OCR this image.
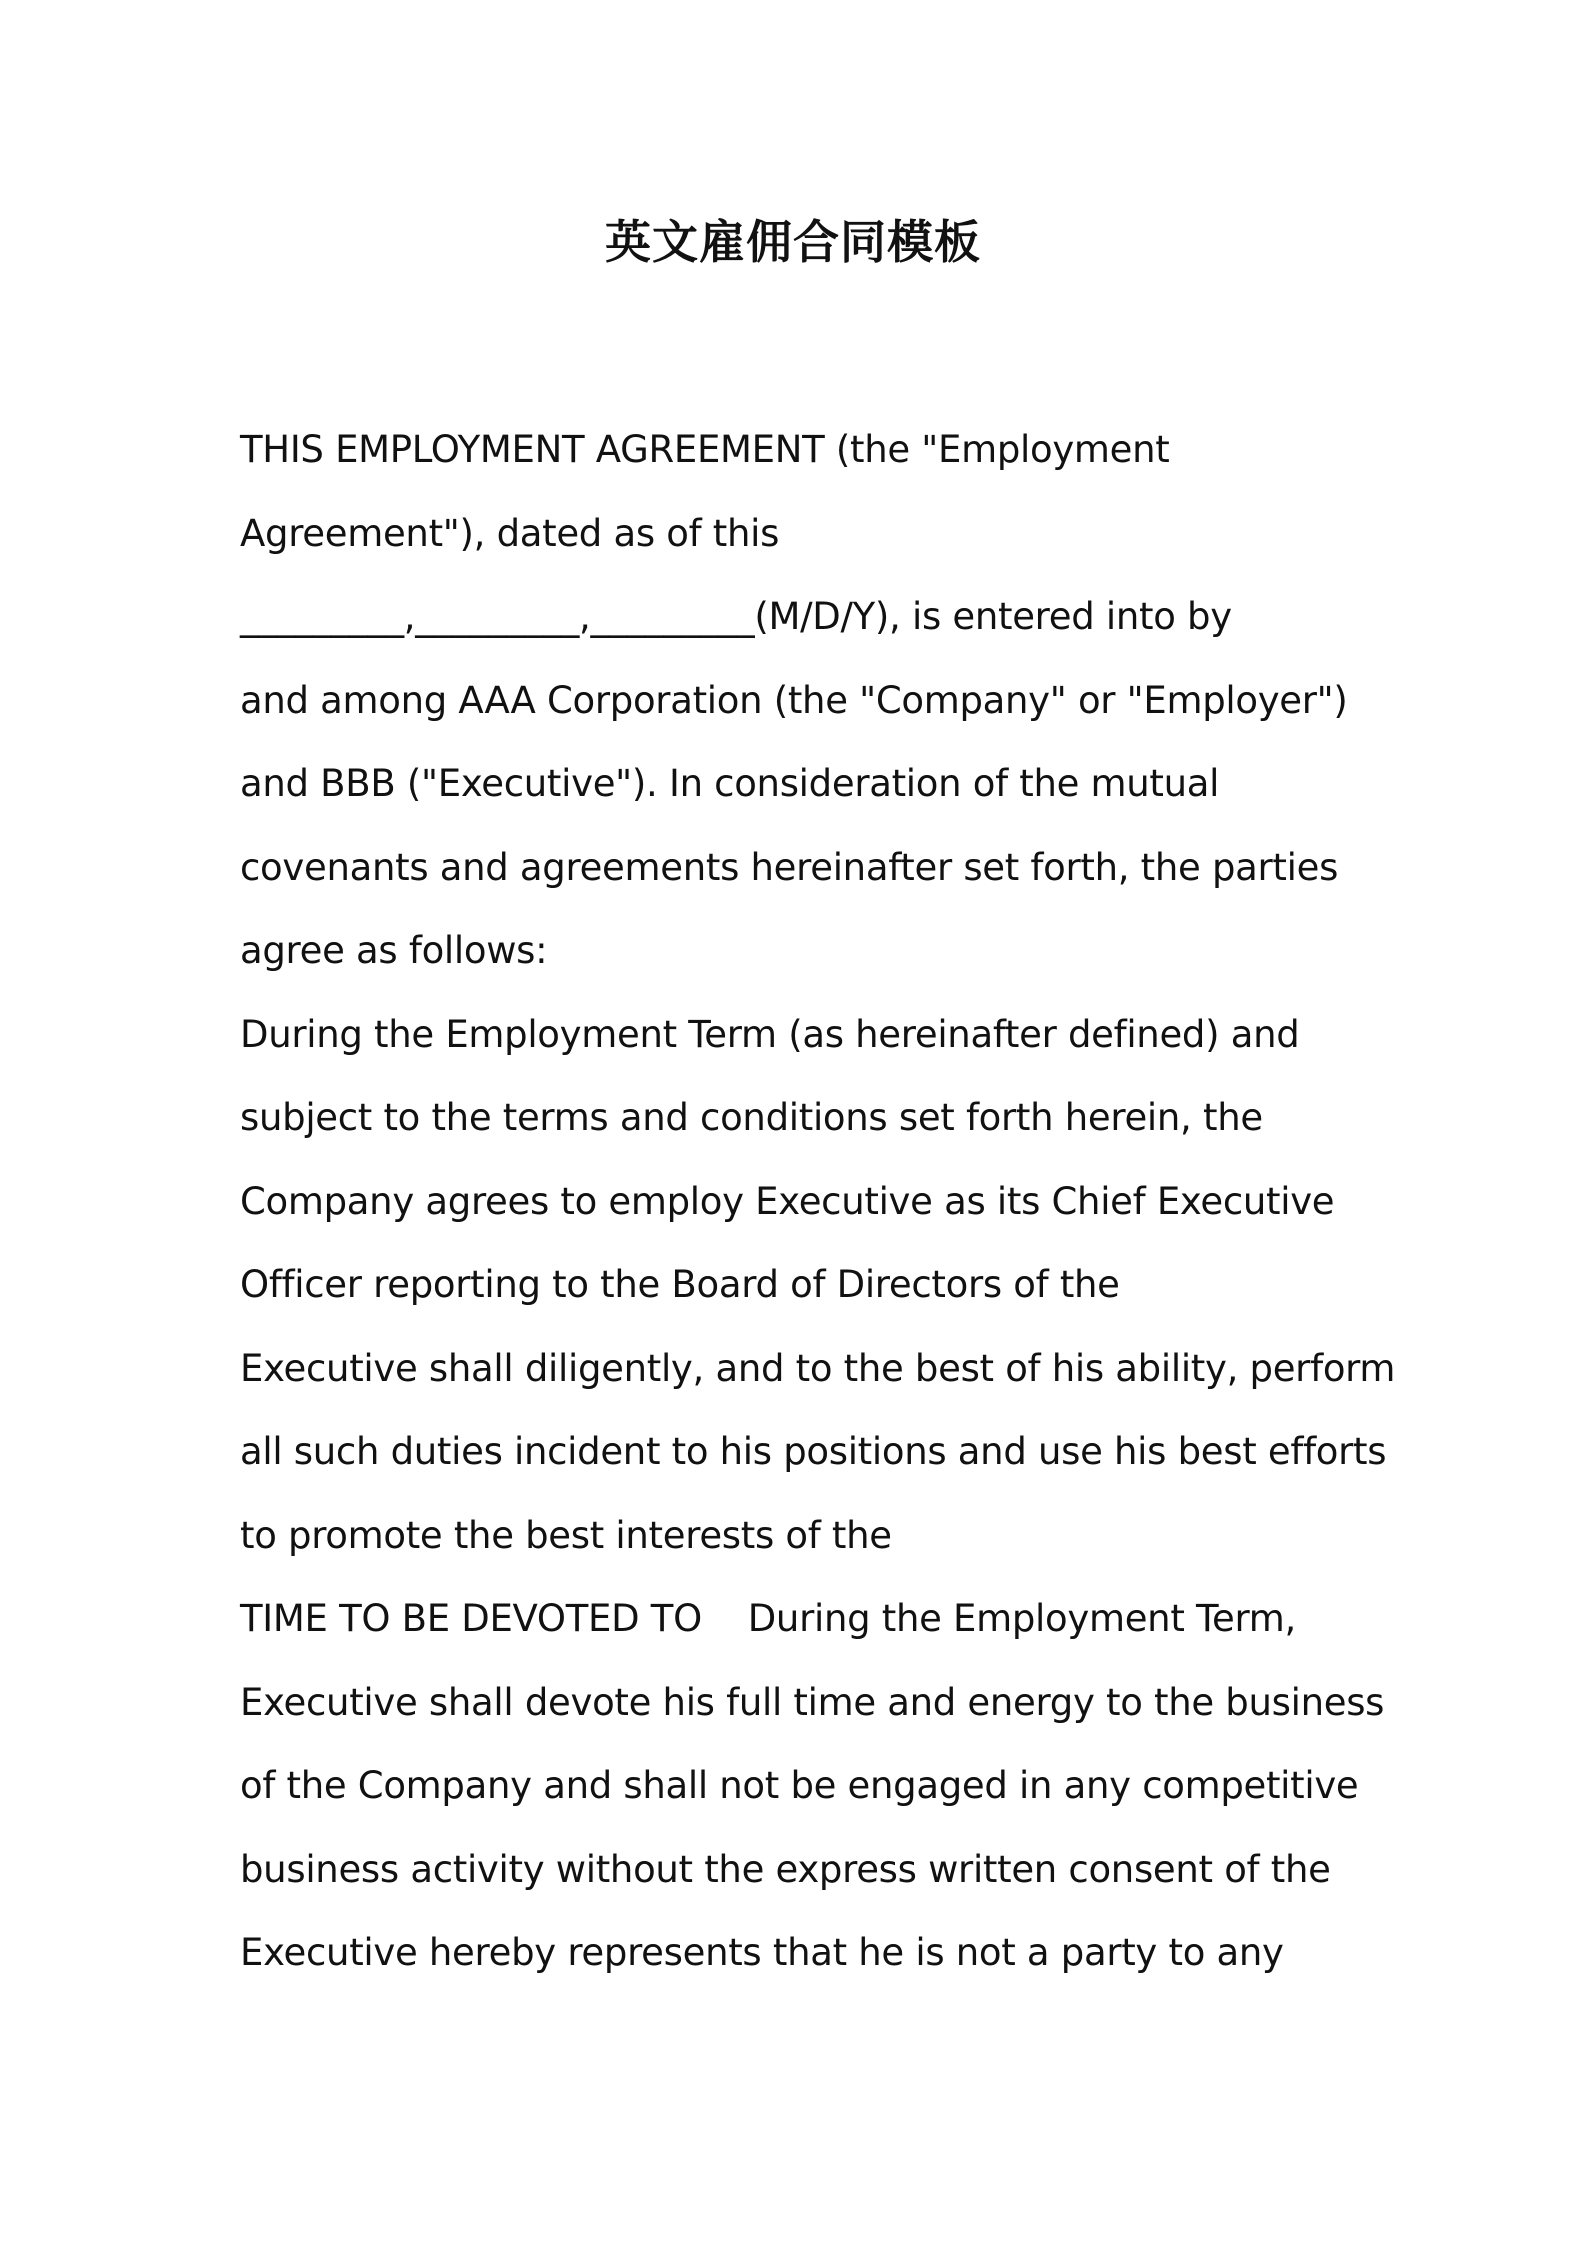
英文雇佣合同模板
THIS EMPLOYMENT AGREEMENT (the "Employment
Agreement"), dated as of this
_________,_________,_________(M/D/Y), is entered into by
and among AAA Corporation (the "Company" or "Employer")
and BBB ("Executive"). In consideration of the mutual
covenants and agreements hereinafter set forth, the parties
agree as follows:
During the Employment Term (as hereinafter defined) and
subject to the terms and conditions set forth herein, the
Company agrees to employ Executive as its Chief Executive
Officer reporting to the Board of Directors of the
Executive shall diligently, and to the best of his ability, perform
all such duties incident to his positions and use his best efforts
to promote the best interests of the
TIME TO BE DEVOTED TO    During the Employment Term,
Executive shall devote his full time and energy to the business
of the Company and shall not be engaged in any competitive
business activity without the express written consent of the
Executive hereby represents that he is not a party to any
